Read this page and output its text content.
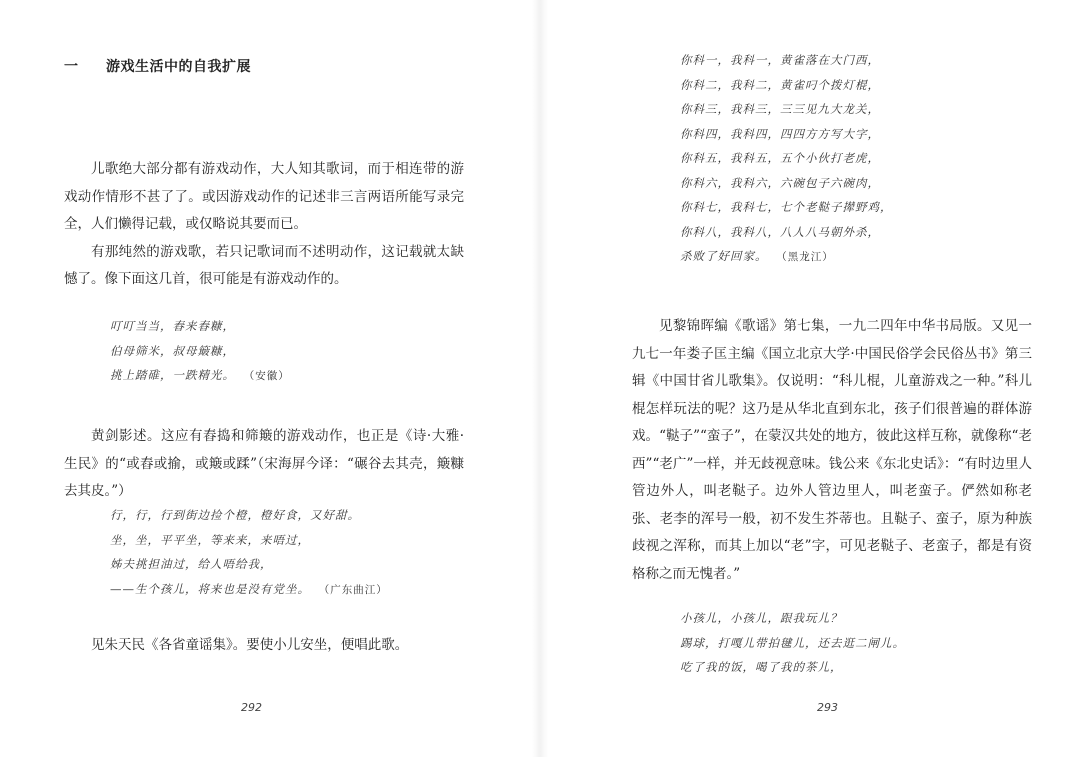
一 游戏生活中的自我扩展

儿歌绝大部分都有游戏动作，大人知其歌词，而于相连带的游戏动作情形不甚了了。或因游戏动作的记述非三言两语所能写录完全，人们懒得记载，或仅略说其要而已。

有那纯然的游戏歌，若只记歌词而不述明动作，这记载就太缺憾了。像下面这几首，很可能是有游戏动作的。

叮叮当当，舂来舂糠，
伯母筛米，叔母簸糠，
挑上踏碓，一跌精光。 （安徽）

黄剑影述。这应有舂捣和筛簸的游戏动作，也正是《诗·大雅·生民》的“或舂或揄，或簸或蹂”（宋海屏今译：“碾谷去其壳，簸糠去其皮。”）

行，行，行到街边捡个橙，橙好食，又好甜。
坐，坐，平平坐，等来来，来唔过，
姊夫挑担油过，给人唔给我，
——生个孩儿，将来也是没有党坐。 （广东曲江）

见朱天民《各省童谣集》。要使小儿安坐，便唱此歌。

292
你科一，我科一，黄雀落在大门西，
你科二，我科二，黄雀叼个拨灯棍，
你科三，我科三，三三见九大龙关，
你科四，我科四，四四方方写大字，
你科五，我科五，五个小伙打老虎，
你科六，我科六，六碗包子六碗肉，
你科七，我科七，七个老鞑子撵野鸡，
你科八，我科八，八人八马朝外杀，
杀败了好回家。 （黑龙江）

见黎锦晖编《歌谣》第七集，一九二四年中华书局版。又见一九七一年娄子匡主编《国立北京大学·中国民俗学会民俗丛书》第三辑《中国甘省儿歌集》。仅说明：“科儿棍，儿童游戏之一种。”科儿棍怎样玩法的呢？这乃是从华北直到东北，孩子们很普遍的群体游戏。“鞑子”“蛮子”，在蒙汉共处的地方，彼此这样互称，就像称“老西”“老广”一样，并无歧视意味。钱公来《东北史话》：“有时边里人管边外人，叫老鞑子。边外人管边里人，叫老蛮子。俨然如称老张、老李的浑号一般，初不发生芥蒂也。且鞑子、蛮子，原为种族歧视之浑称，而其上加以“老”字，可见老鞑子、老蛮子，都是有资格称之而无愧者。”

小孩儿，小孩儿，跟我玩儿？
踢球，打嘎儿带拍毽儿，还去逛二闸儿。
吃了我的饭，喝了我的茶儿，
293
